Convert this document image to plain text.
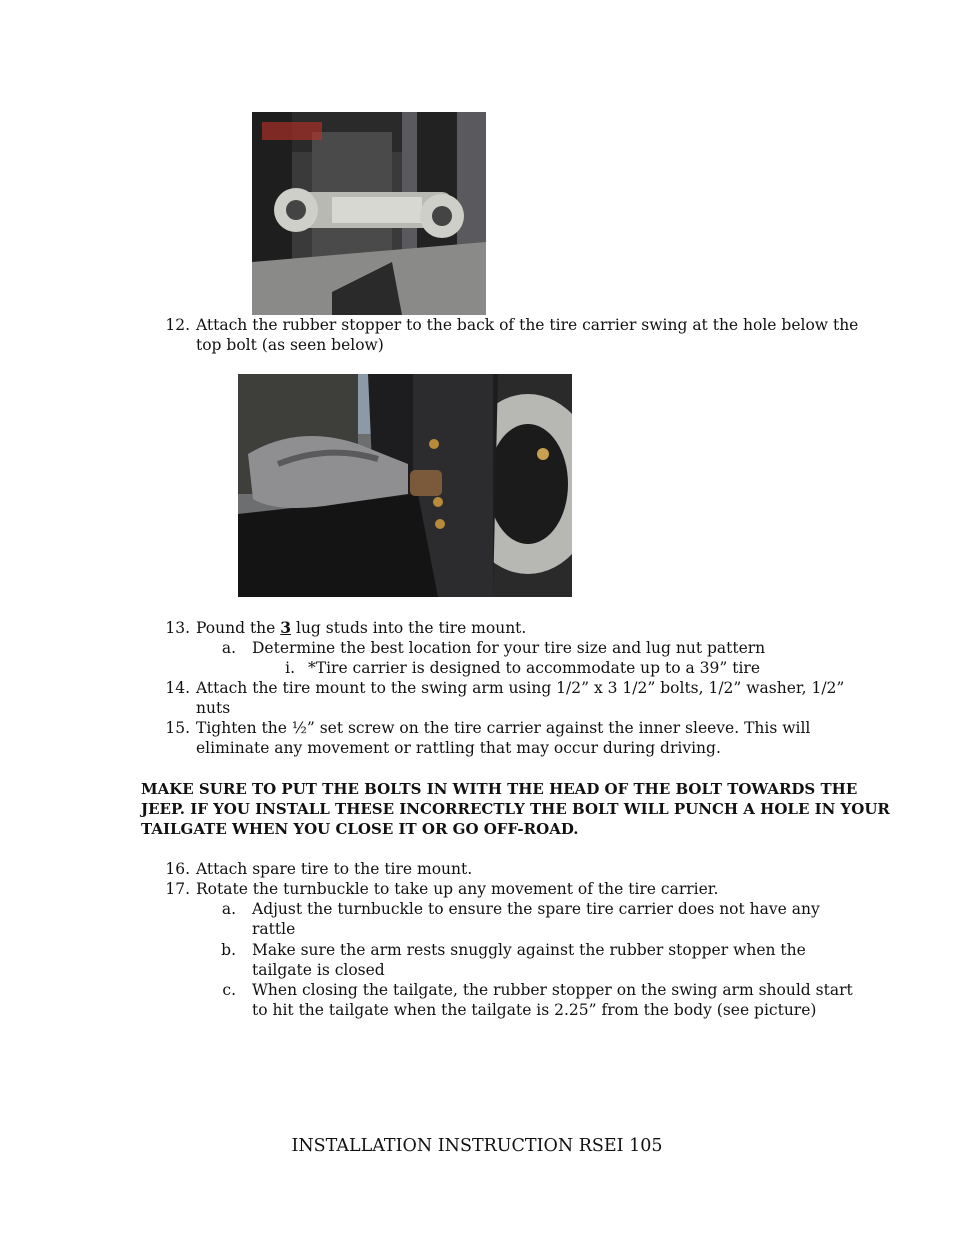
12. Attach the rubber stopper to the back of the tire carrier swing at the hole below the
top bolt (as seen below)
13. Pound the 3 lug studs into the tire mount.
a. Determine the best location for your tire size and lug nut pattern
i. *Tire carrier is designed to accommodate up to a 39” tire
14. Attach the tire mount to the swing arm using 1/2” x 3 1/2” bolts, 1/2” washer, 1/2”
nuts
15. Tighten the ½” set screw on the tire carrier against the inner sleeve. This will
eliminate any movement or rattling that may occur during driving.
MAKE SURE TO PUT THE BOLTS IN WITH THE HEAD OF THE BOLT TOWARDS THE
JEEP. IF YOU INSTALL THESE INCORRECTLY THE BOLT WILL PUNCH A HOLE IN YOUR
TAILGATE WHEN YOU CLOSE IT OR GO OFF-ROAD.
16. Attach spare tire to the tire mount.
17. Rotate the turnbuckle to take up any movement of the tire carrier.
a. Adjust the turnbuckle to ensure the spare tire carrier does not have any
rattle
b. Make sure the arm rests snuggly against the rubber stopper when the
tailgate is closed
c. When closing the tailgate, the rubber stopper on the swing arm should start
to hit the tailgate when the tailgate is 2.25” from the body (see picture)
INSTALLATION INSTRUCTION RSEI 105
